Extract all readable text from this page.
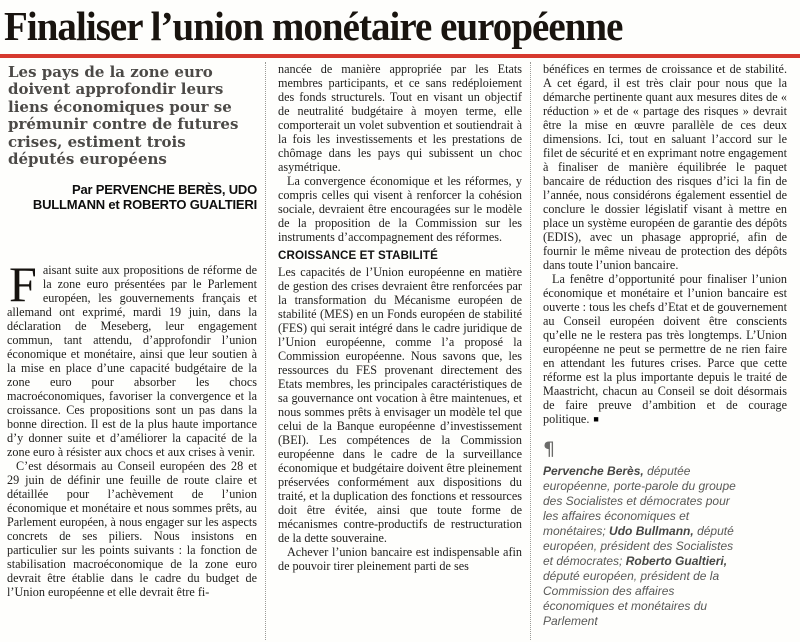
Finaliser l’union monétaire européenne

Les pays de la zone euro doivent approfondir leurs liens économiques pour se prémunir contre de futures crises, estiment trois députés européens

Par PERVENCHE BERÈS, UDO BULLMANN et ROBERTO GUALTIERI

Faisant suite aux propositions de réforme de la zone euro présentées par le Parlement européen, les gouvernements français et allemand ont exprimé, mardi 19 juin, dans la déclaration de Meseberg, leur engagement commun, tant attendu, d’approfondir l’union économique et monétaire, ainsi que leur soutien à la mise en place d’une capacité budgétaire de la zone euro pour absorber les chocs macroéconomiques, favoriser la convergence et la croissance. Ces propositions sont un pas dans la bonne direction. Il est de la plus haute importance d’y donner suite et d’améliorer la capacité de la zone euro à résister aux chocs et aux crises à venir.

C’est désormais au Conseil européen des 28 et 29 juin de définir une feuille de route claire et détaillée pour l’achèvement de l’union économique et monétaire et nous sommes prêts, au Parlement européen, à nous engager sur les aspects concrets de ses piliers. Nous insistons en particulier sur les points suivants : la fonction de stabilisation macroéconomique de la zone euro devrait être établie dans le cadre du budget de l’Union européenne et elle devrait être fi-

nancée de manière appropriée par les Etats membres participants, et ce sans redéploiement des fonds structurels. Tout en visant un objectif de neutralité budgétaire à moyen terme, elle comporterait un volet subvention et soutiendrait à la fois les investissements et les prestations de chômage dans les pays qui subissent un choc asymétrique.

La convergence économique et les réformes, y compris celles qui visent à renforcer la cohésion sociale, devraient être encouragées sur le modèle de la proposition de la Commission sur les instruments d’accompagnement des réformes.

CROISSANCE ET STABILITÉ

Les capacités de l’Union européenne en matière de gestion des crises devraient être renforcées par la transformation du Mécanisme européen de stabilité (MES) en un Fonds européen de stabilité (FES) qui serait intégré dans le cadre juridique de l’Union européenne, comme l’a proposé la Commission européenne. Nous savons que, les ressources du FES provenant directement des Etats membres, les principales caractéristiques de sa gouvernance ont vocation à être maintenues, et nous sommes prêts à envisager un modèle tel que celui de la Banque européenne d’investissement (BEI). Les compétences de la Commission européenne dans le cadre de la surveillance économique et budgétaire doivent être pleinement préservées conformément aux dispositions du traité, et la duplication des fonctions et ressources doit être évitée, ainsi que toute forme de mécanismes contre-productifs de restructuration de la dette souveraine.

Achever l’union bancaire est indispensable afin de pouvoir tirer pleinement parti de ses

bénéfices en termes de croissance et de stabilité. A cet égard, il est très clair pour nous que la démarche pertinente quant aux mesures dites de « réduction » et de « partage des risques » devrait être la mise en œuvre parallèle de ces deux dimensions. Ici, tout en saluant l’accord sur le filet de sécurité et en exprimant notre engagement à finaliser de manière équilibrée le paquet bancaire de réduction des risques d’ici la fin de l’année, nous considérons également essentiel de conclure le dossier législatif visant à mettre en place un système européen de garantie des dépôts (EDIS), avec un phasage approprié, afin de fournir le même niveau de protection des dépôts dans toute l’union bancaire.

La fenêtre d’opportunité pour finaliser l’union économique et monétaire et l’union bancaire est ouverte : tous les chefs d’Etat et de gouvernement au Conseil européen doivent être conscients qu’elle ne le restera pas très longtemps. L’Union européenne ne peut se permettre de ne rien faire en attendant les futures crises. Parce que cette réforme est la plus importante depuis le traité de Maastricht, chacun au Conseil se doit désormais de faire preuve d’ambition et de courage politique. ■

¶
Pervenche Berès, députée européenne, porte-parole du groupe des Socialistes et démocrates pour les affaires économiques et monétaires; Udo Bullmann, député européen, président des Socialistes et démocrates; Roberto Gualtieri, député européen, président de la Commission des affaires économiques et monétaires du Parlement
